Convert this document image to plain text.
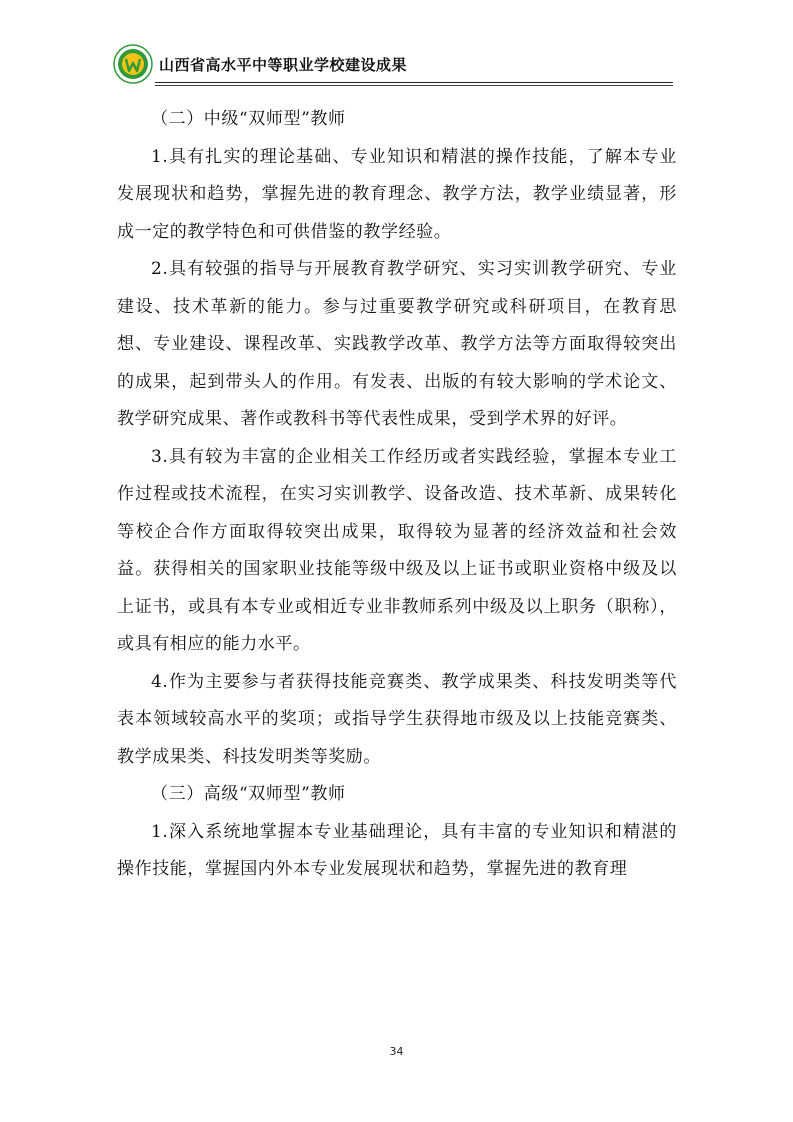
山西省高水平中等职业学校建设成果

（二）中级“双师型”教师

1.具有扎实的理论基础、专业知识和精湛的操作技能，了解本专业发展现状和趋势，掌握先进的教育理念、教学方法，教学业绩显著，形成一定的教学特色和可供借鉴的教学经验。

2.具有较强的指导与开展教育教学研究、实习实训教学研究、专业建设、技术革新的能力。参与过重要教学研究或科研项目，在教育思想、专业建设、课程改革、实践教学改革、教学方法等方面取得较突出的成果，起到带头人的作用。有发表、出版的有较大影响的学术论文、教学研究成果、著作或教科书等代表性成果，受到学术界的好评。

3.具有较为丰富的企业相关工作经历或者实践经验，掌握本专业工作过程或技术流程，在实习实训教学、设备改造、技术革新、成果转化等校企合作方面取得较突出成果，取得较为显著的经济效益和社会效益。获得相关的国家职业技能等级中级及以上证书或职业资格中级及以上证书，或具有本专业或相近专业非教师系列中级及以上职务（职称），或具有相应的能力水平。

4.作为主要参与者获得技能竞赛类、教学成果类、科技发明类等代表本领域较高水平的奖项；或指导学生获得地市级及以上技能竞赛类、教学成果类、科技发明类等奖励。

（三）高级“双师型”教师

1.深入系统地掌握本专业基础理论，具有丰富的专业知识和精湛的操作技能，掌握国内外本专业发展现状和趋势，掌握先进的教育理

34
